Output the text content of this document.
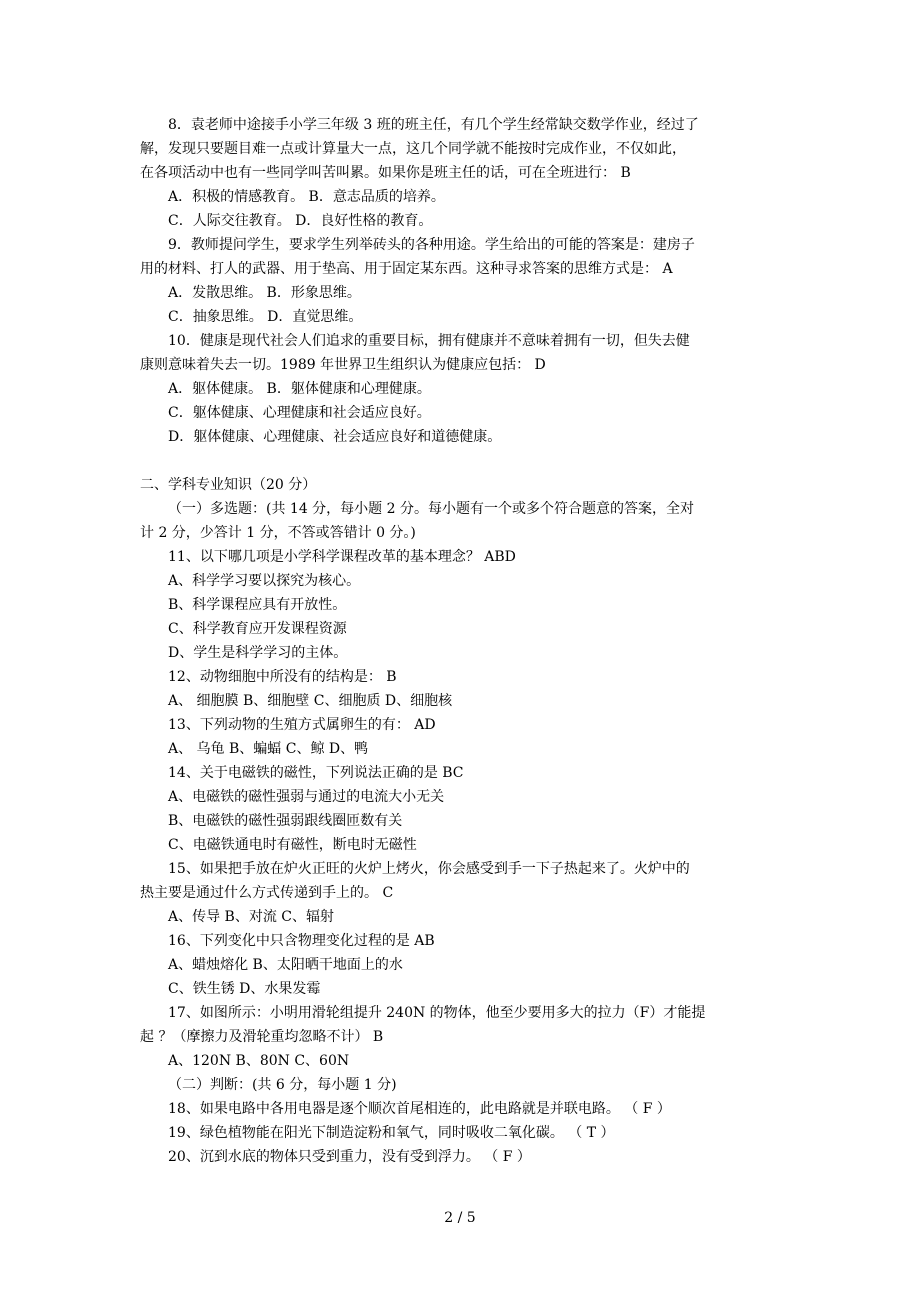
8．袁老师中途接手小学三年级 3 班的班主任，有几个学生经常缺交数学作业，经过了
解，发现只要题目难一点或计算量大一点，这几个同学就不能按时完成作业，不仅如此，
在各项活动中也有一些同学叫苦叫累。如果你是班主任的话，可在全班进行： B
A．积极的情感教育。 B．意志品质的培养。
C．人际交往教育。 D．良好性格的教育。
9．教师提问学生，要求学生列举砖头的各种用途。学生给出的可能的答案是：建房子
用的材料、打人的武器、用于垫高、用于固定某东西。这种寻求答案的思维方式是： A
A．发散思维。 B．形象思维。
C．抽象思维。 D．直觉思维。
10．健康是现代社会人们追求的重要目标，拥有健康并不意味着拥有一切，但失去健
康则意味着失去一切。1989 年世界卫生组织认为健康应包括： D
A．躯体健康。 B．躯体健康和心理健康。
C．躯体健康、心理健康和社会适应良好。
D．躯体健康、心理健康、社会适应良好和道德健康。
二、学科专业知识（20 分）
（一）多选题：(共 14 分，每小题 2 分。每小题有一个或多个符合题意的答案，全对
计 2 分，少答计 1 分，不答或答错计 0 分。)
11、以下哪几项是小学科学课程改革的基本理念？ ABD
A、科学学习要以探究为核心。
B、科学课程应具有开放性。
C、科学教育应开发课程资源
D、学生是科学学习的主体。
12、动物细胞中所没有的结构是： B
A、 细胞膜 B、细胞壁 C、细胞质 D、细胞核
13、下列动物的生殖方式属卵生的有： AD
A、 乌龟 B、蝙蝠 C、鲸 D、鸭
14、关于电磁铁的磁性，下列说法正确的是 BC
A、电磁铁的磁性强弱与通过的电流大小无关
B、电磁铁的磁性强弱跟线圈匝数有关
C、电磁铁通电时有磁性，断电时无磁性
15、如果把手放在炉火正旺的火炉上烤火，你会感受到手一下子热起来了。火炉中的
热主要是通过什么方式传递到手上的。 C
A、传导 B、对流 C、辐射
16、下列变化中只含物理变化过程的是 AB
A、蜡烛熔化 B、太阳晒干地面上的水
C、铁生锈 D、水果发霉
17、如图所示：小明用滑轮组提升 240N 的物体，他至少要用多大的拉力（F）才能提
起 ？（摩擦力及滑轮重均忽略不计） B
A、120N B、80N C、60N
（二）判断：(共 6 分，每小题 1 分)
18、如果电路中各用电器是逐个顺次首尾相连的，此电路就是并联电路。 （ F ）
19、绿色植物能在阳光下制造淀粉和氧气，同时吸收二氧化碳。 （ T ）
20、沉到水底的物体只受到重力，没有受到浮力。 （ F ）
2 / 5
